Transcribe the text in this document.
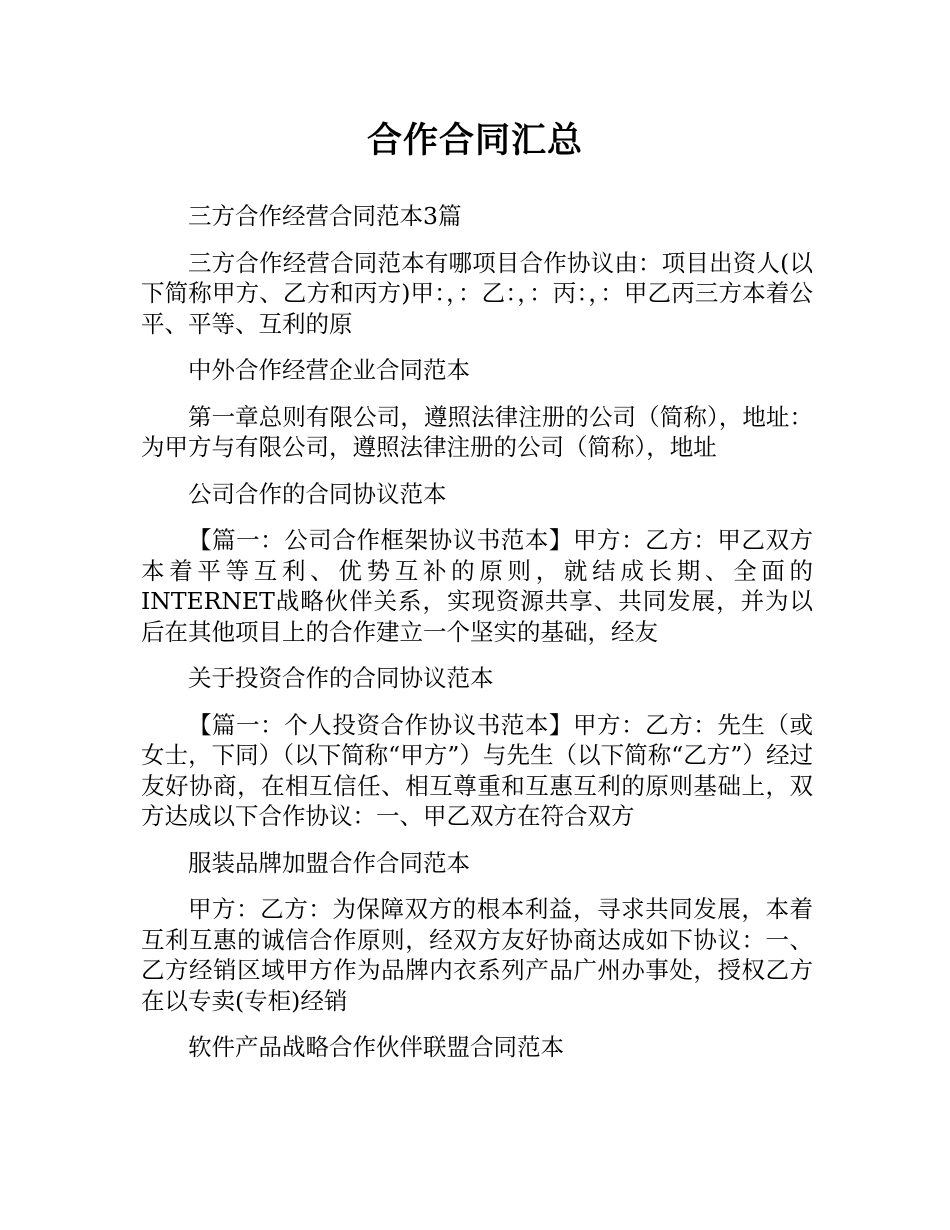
合作合同汇总

三方合作经营合同范本3篇

三方合作经营合同范本有哪项目合作协议由：项目出资人(以下简称甲方、乙方和丙方)甲：，：乙：，：丙：，：甲乙丙三方本着公平、平等、互利的原

中外合作经营企业合同范本

第一章总则有限公司，遵照法律注册的公司（简称），地址：为甲方与有限公司，遵照法律注册的公司（简称），地址

公司合作的合同协议范本

【篇一：公司合作框架协议书范本】甲方：乙方：甲乙双方本着平等互利、优势互补的原则，就结成长期、全面的INTERNET战略伙伴关系，实现资源共享、共同发展，并为以后在其他项目上的合作建立一个坚实的基础，经友

关于投资合作的合同协议范本

【篇一：个人投资合作协议书范本】甲方：乙方：先生（或女士，下同）（以下简称“甲方”）与先生（以下简称“乙方”）经过友好协商，在相互信任、相互尊重和互惠互利的原则基础上，双方达成以下合作协议：一、甲乙双方在符合双方

服装品牌加盟合作合同范本

甲方：乙方：为保障双方的根本利益，寻求共同发展，本着互利互惠的诚信合作原则，经双方友好协商达成如下协议：一、乙方经销区域甲方作为品牌内衣系列产品广州办事处，授权乙方在以专卖(专柜)经销

软件产品战略合作伙伴联盟合同范本
